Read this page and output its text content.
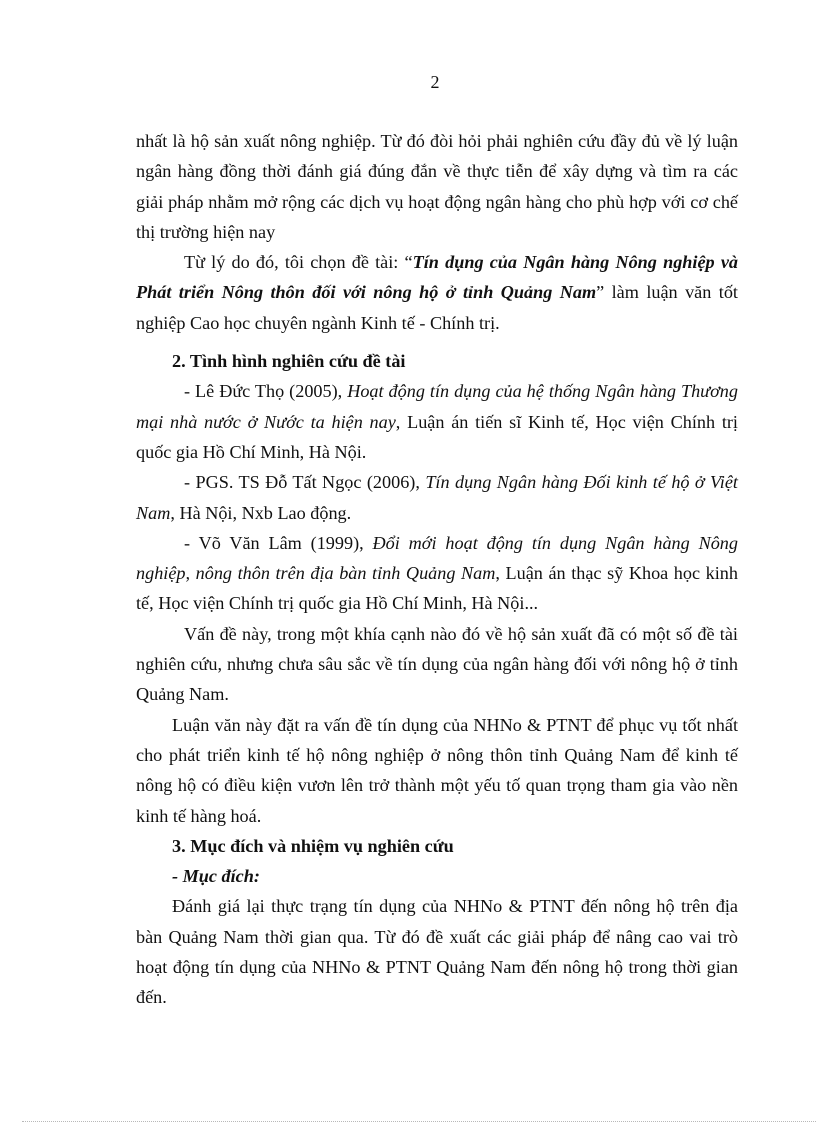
2

nhất là hộ sản xuất nông nghiệp. Từ đó đòi hỏi phải nghiên cứu đầy đủ về lý luận ngân hàng đồng thời đánh giá đúng đắn về thực tiễn để xây dựng và tìm ra các giải pháp nhằm mở rộng các dịch vụ hoạt động ngân hàng cho phù hợp với cơ chế thị trường hiện nay

Từ lý do đó, tôi chọn đề tài: “Tín dụng của Ngân hàng Nông nghiệp và Phát triển Nông thôn đối với nông hộ ở tỉnh Quảng Nam” làm luận văn tốt nghiệp Cao học chuyên ngành Kinh tế - Chính trị.

2. Tình hình nghiên cứu đề tài

- Lê Đức Thọ (2005), Hoạt động tín dụng của hệ thống Ngân hàng Thương mại nhà nước ở Nước ta hiện nay, Luận án tiến sĩ Kinh tế, Học viện Chính trị quốc gia Hồ Chí Minh, Hà Nội.

- PGS. TS Đỗ Tất Ngọc (2006), Tín dụng Ngân hàng Đối kinh tế hộ ở Việt Nam, Hà Nội, Nxb Lao động.

- Võ Văn Lâm (1999), Đổi mới hoạt động tín dụng Ngân hàng Nông nghiệp, nông thôn trên địa bàn tỉnh Quảng Nam, Luận án thạc sỹ Khoa học kinh tế, Học viện Chính trị quốc gia Hồ Chí Minh, Hà Nội...

Vấn đề này, trong một khía cạnh nào đó về hộ sản xuất đã có một số đề tài nghiên cứu, nhưng chưa sâu sắc về tín dụng của ngân hàng đối với nông hộ ở tỉnh Quảng Nam.

Luận văn này đặt ra vấn đề tín dụng của NHNo & PTNT để phục vụ tốt nhất cho phát triển kinh tế hộ nông nghiệp ở nông thôn tỉnh Quảng Nam để kinh tế nông hộ có điều kiện vươn lên trở thành một yếu tố quan trọng tham gia vào nền kinh tế hàng hoá.

3. Mục đích và nhiệm vụ nghiên cứu

- Mục đích:

Đánh giá lại thực trạng tín dụng của NHNo & PTNT đến nông hộ trên địa bàn Quảng Nam thời gian qua. Từ đó đề xuất các giải pháp để nâng cao vai trò hoạt động tín dụng của NHNo & PTNT Quảng Nam đến nông hộ trong thời gian đến.
